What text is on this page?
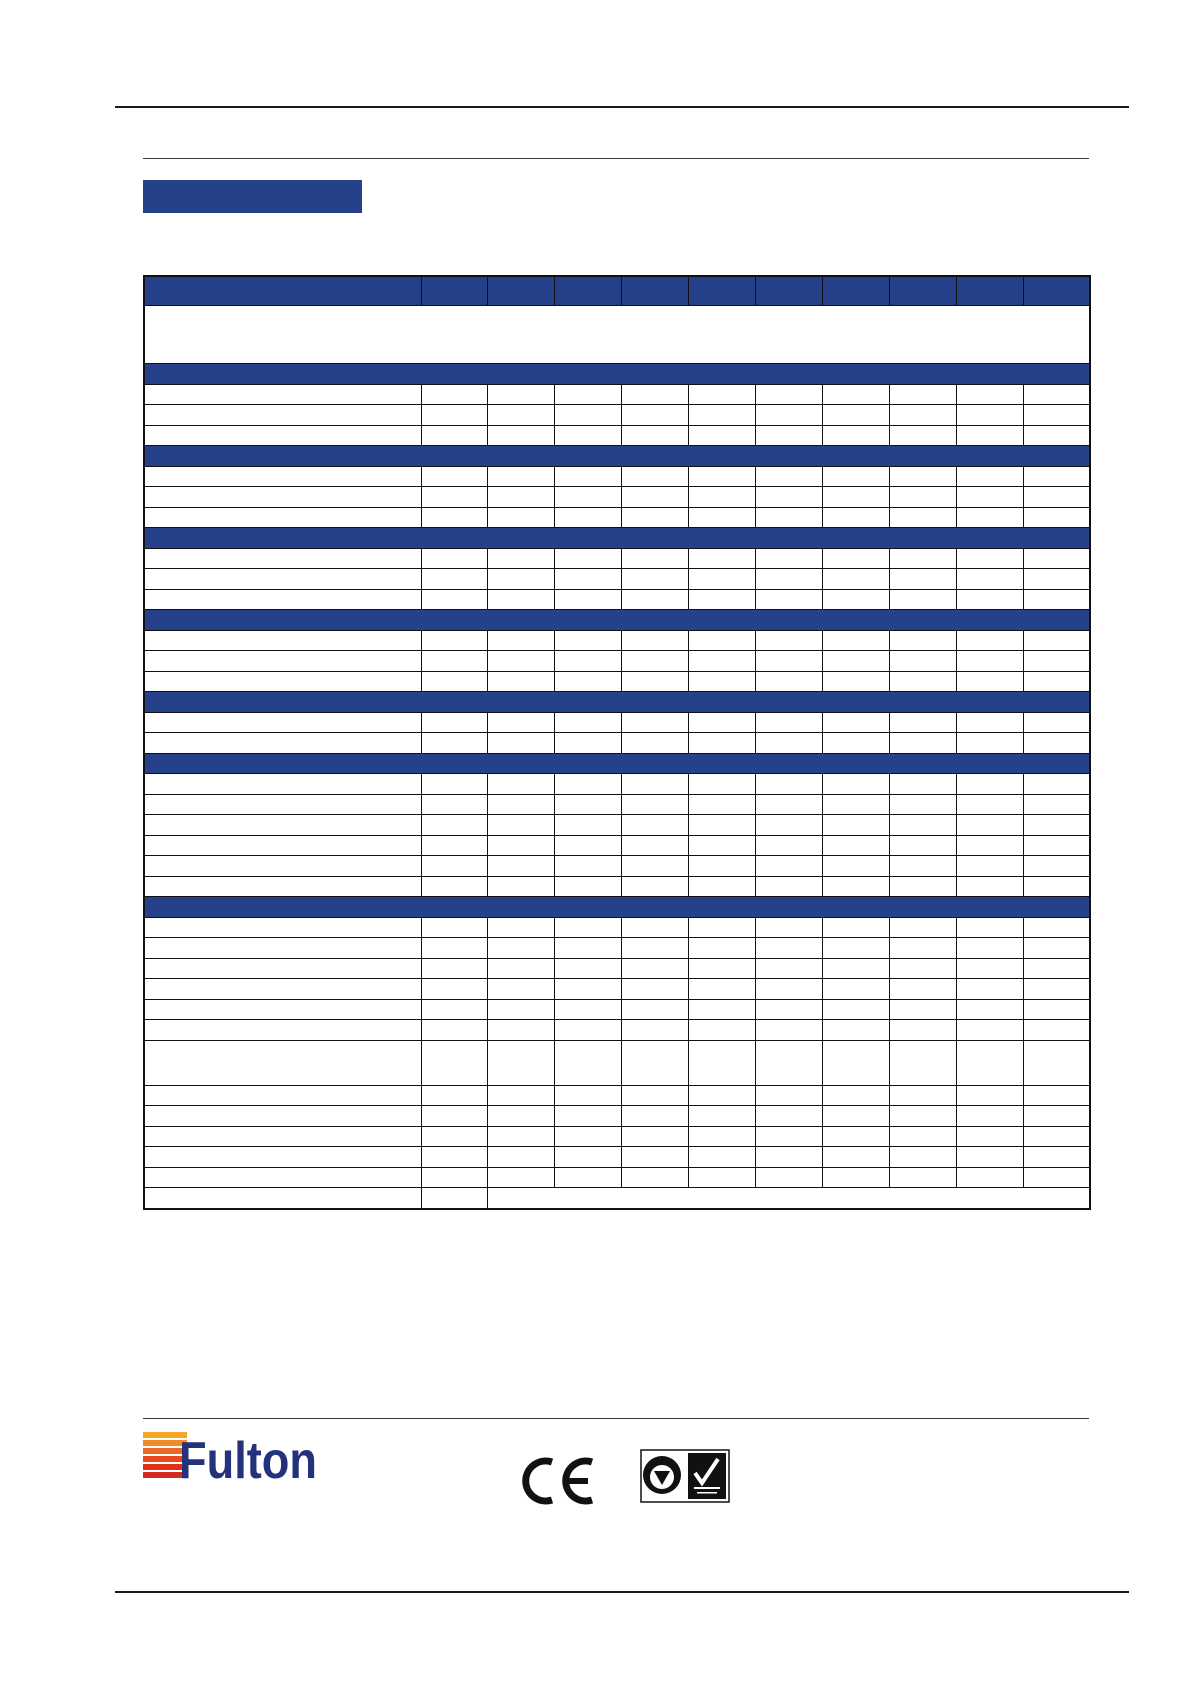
Fulton
